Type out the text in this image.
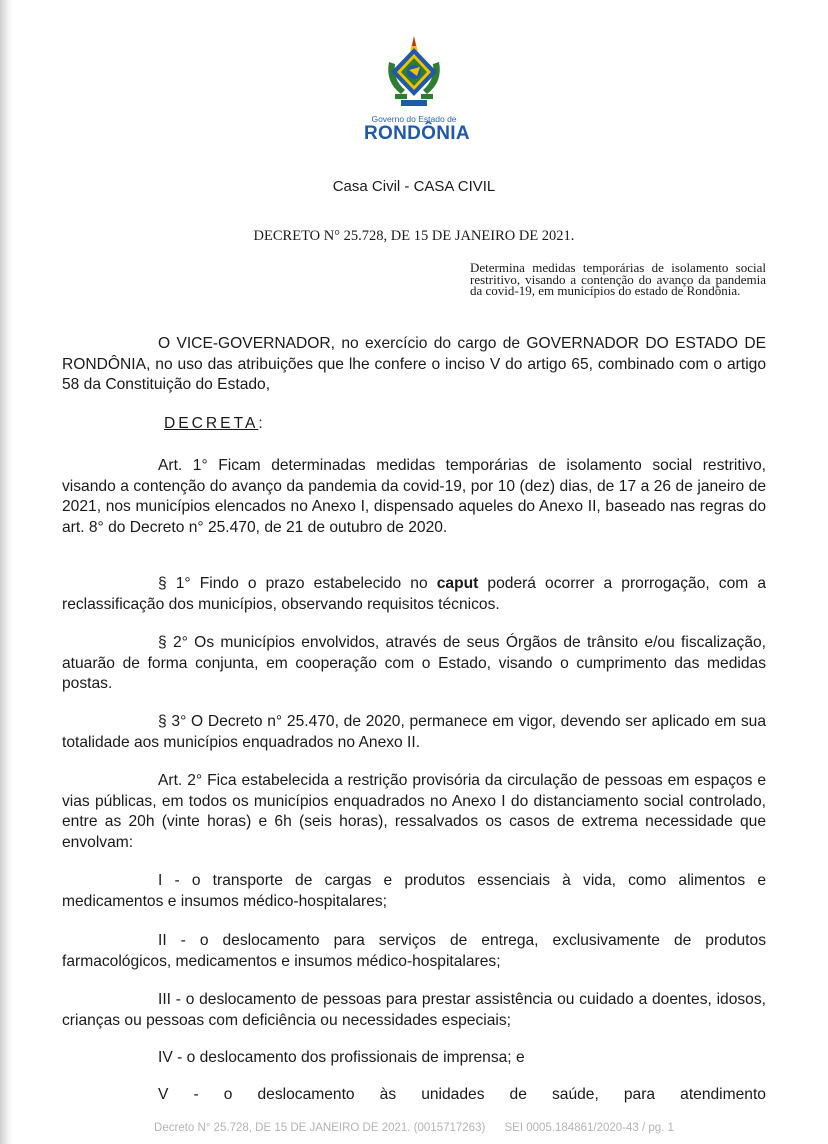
Governo do Estado de
RONDÔNIA
Casa Civil - CASA CIVIL
DECRETO N° 25.728, DE 15 DE JANEIRO DE 2021.
Determina medidas temporárias de isolamento social restritivo, visando a contenção do avanço da pandemia da covid-19, em municípios do estado de Rondônia.

O VICE-GOVERNADOR, no exercício do cargo de GOVERNADOR DO ESTADO DE RONDÔNIA, no uso das atribuições que lhe confere o inciso V do artigo 65, combinado com o artigo 58 da Constituição do Estado,

DECRETA:

Art. 1° Ficam determinadas medidas temporárias de isolamento social restritivo, visando a contenção do avanço da pandemia da covid-19, por 10 (dez) dias, de 17 a 26 de janeiro de 2021, nos municípios elencados no Anexo I, dispensado aqueles do Anexo II, baseado nas regras do art. 8° do Decreto n° 25.470, de 21 de outubro de 2020.

§ 1° Findo o prazo estabelecido no caput poderá ocorrer a prorrogação, com a reclassificação dos municípios, observando requisitos técnicos.

§ 2° Os municípios envolvidos, através de seus Órgãos de trânsito e/ou fiscalização, atuarão de forma conjunta, em cooperação com o Estado, visando o cumprimento das medidas postas.

§ 3° O Decreto n° 25.470, de 2020, permanece em vigor, devendo ser aplicado em sua totalidade aos municípios enquadrados no Anexo II.

Art. 2° Fica estabelecida a restrição provisória da circulação de pessoas em espaços e vias públicas, em todos os municípios enquadrados no Anexo I do distanciamento social controlado, entre as 20h (vinte horas) e 6h (seis horas), ressalvados os casos de extrema necessidade que envolvam:

I - o transporte de cargas e produtos essenciais à vida, como alimentos e medicamentos e insumos médico-hospitalares;

II - o deslocamento para serviços de entrega, exclusivamente de produtos farmacológicos, medicamentos e insumos médico-hospitalares;

III - o deslocamento de pessoas para prestar assistência ou cuidado a doentes, idosos, crianças ou pessoas com deficiência ou necessidades especiais;

IV - o deslocamento dos profissionais de imprensa; e

V - o deslocamento às unidades de saúde, para atendimento

Decreto N° 25.728, DE 15 DE JANEIRO DE 2021. (0015717263) SEI 0005.184861/2020-43 / pg. 1
